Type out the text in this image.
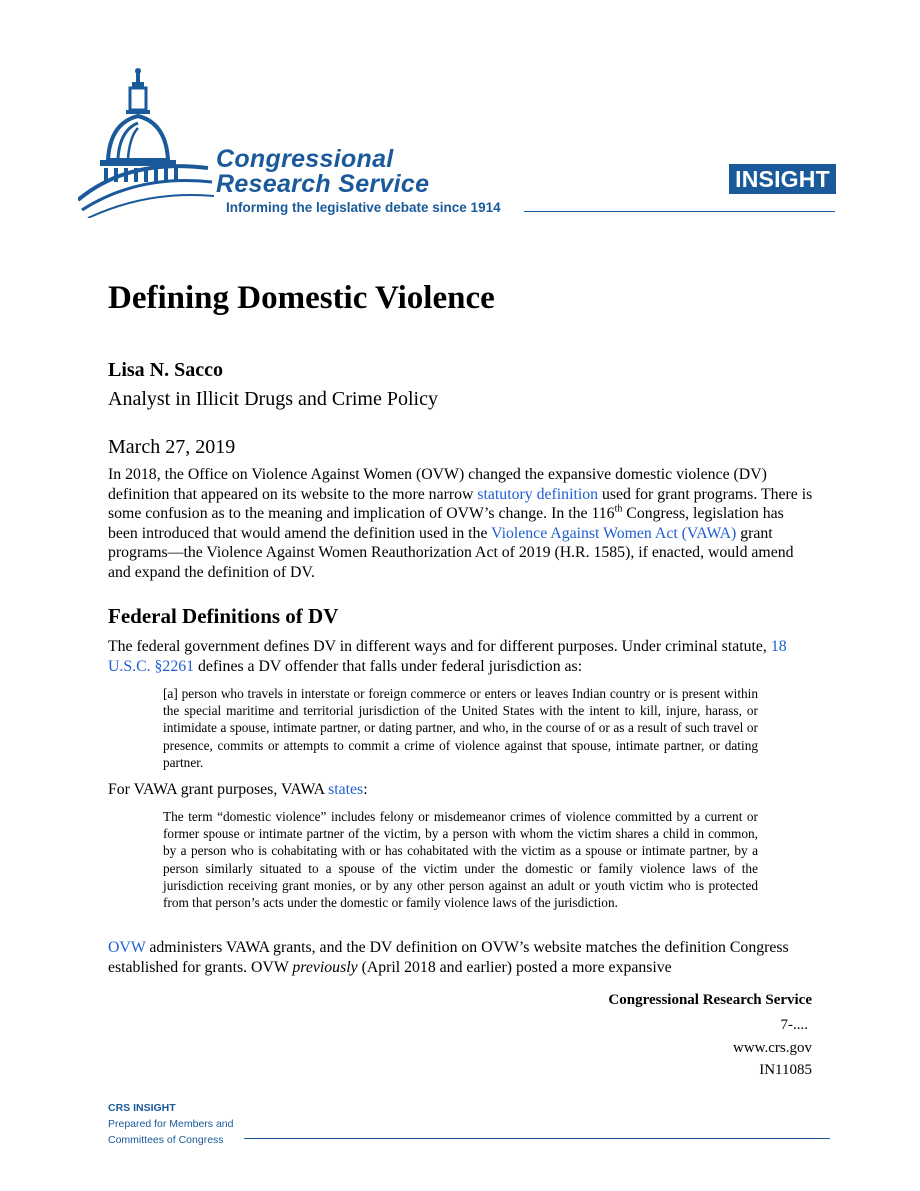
Congressional
Research Service
Informing the legislative debate since 1914
INSIGHT
Defining Domestic Violence
Lisa N. Sacco
Analyst in Illicit Drugs and Crime Policy
March 27, 2019

In 2018, the Office on Violence Against Women (OVW) changed the expansive domestic violence (DV) definition that appeared on its website to the more narrow statutory definition used for grant programs. There is some confusion as to the meaning and implication of OVW’s change. In the 116th Congress, legislation has been introduced that would amend the definition used in the Violence Against Women Act (VAWA) grant programs—the Violence Against Women Reauthorization Act of 2019 (H.R. 1585), if enacted, would amend and expand the definition of DV.

Federal Definitions of DV

The federal government defines DV in different ways and for different purposes. Under criminal statute, 18 U.S.C. §2261 defines a DV offender that falls under federal jurisdiction as:

[a] person who travels in interstate or foreign commerce or enters or leaves Indian country or is present within the special maritime and territorial jurisdiction of the United States with the intent to kill, injure, harass, or intimidate a spouse, intimate partner, or dating partner, and who, in the course of or as a result of such travel or presence, commits or attempts to commit a crime of violence against that spouse, intimate partner, or dating partner.

For VAWA grant purposes, VAWA states:

The term “domestic violence” includes felony or misdemeanor crimes of violence committed by a current or former spouse or intimate partner of the victim, by a person with whom the victim shares a child in common, by a person who is cohabitating with or has cohabitated with the victim as a spouse or intimate partner, by a person similarly situated to a spouse of the victim under the domestic or family violence laws of the jurisdiction receiving grant monies, or by any other person against an adult or youth victim who is protected from that person’s acts under the domestic or family violence laws of the jurisdiction.

OVW administers VAWA grants, and the DV definition on OVW’s website matches the definition Congress established for grants. OVW previously (April 2018 and earlier) posted a more expansive

Congressional Research Service
7-....
www.crs.gov
IN11085
CRS INSIGHT
Prepared for Members and
Committees of Congress
